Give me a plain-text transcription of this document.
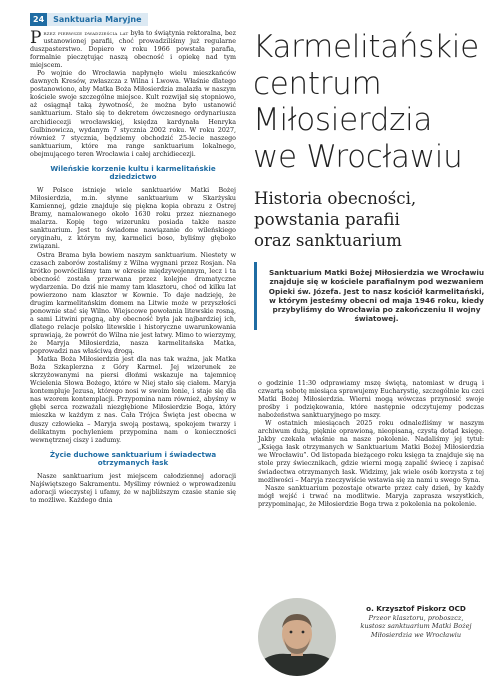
24	Sanktuaria Maryjne

Przez pierwsze dwadzieścia lat była to świątynia rektoralna, bez ustanowionej parafii, choć prowadziliśmy już regularne duszpasterstwo. Dopiero w roku 1966 powstała parafia, formalnie pieczętując naszą obecność i opiekę nad tym miejscem.

Po wojnie do Wrocławia napłynęło wielu mieszkańców dawnych Kresów, zwłaszcza z Wilna i Lwowa. Właśnie dlatego postanowiono, aby Matka Boża Miłosierdzia znalazła w naszym kościele swoje szczególne miejsce. Kult rozwijał się stopniowo, aż osiągnął taką żywotność, że można było ustanowić sanktuarium. Stało się to dekretem ówczesnego ordynariusza archidiecezji wrocławskiej, księdza kardynała Henryka Gulbinowicza, wydanym 7 stycznia 2002 roku. W roku 2027, również 7 stycznia, będziemy obchodzić 25-lecie naszego sanktuarium, które ma range sanktuarium lokalnego, obejmującego teren Wrocławia i całej archidiecezji.

Wileńskie korzenie kultu i karmelitańskie dziedzictwo

W Polsce istnieje wiele sanktuariów Matki Bożej Miłosierdzia, m.in. słynne sanktuarium w Skarżysku Kamiennej, gdzie znajduje się piękna kopia obrazu z Ostrej Bramy, namalowanego około 1630 roku przez nieznanego malarza. Kopię tego wizerunku posiada także nasze sanktuarium. Jest to świadome nawiązanie do wileńskiego oryginału, z którym my, karmelici boso, byliśmy głęboko związani.

Ostra Brama była bowiem naszym sanktuarium. Niestety w czasach zaborów zostaliśmy z Wilna wygnani przez Rosjan. Na krótko powróciliśmy tam w okresie międzywojennym, lecz i ta obecność została przerwana przez kolejne dramatyczne wydarzenia. Do dziś nie mamy tam klasztoru, choć od kilku lat powierzono nam klasztor w Kownie. To daje nadzieję, że drugim karmelitańskim domem na Litwie może w przyszłości ponownie stać się Wilno. Wiejscowe powołania litewskie rosną, a sami Litwini pragną, aby obecność była jak najbardziej ich, dlatego relacje polsko litewskie i historyczne uwarunkowania sprawiają, że powrót do Wilna nie jest łatwy. Mimo to wierzymy, że Maryja Miłosierdzia, nasza karmelitańska Matka, poprowadzi nas właściwą drogą.

Matka Boża Miłosierdzia jest dla nas tak ważna, jak Matka Boża Szkaplerzna z Góry Karmel. Jej wizerunek ze skrzyżowanymi na piersi dłońmi wskazuje na tajemnicę Wcielenia Słowa Bożego, które w Niej stało się ciałem. Maryja kontempluje Jezusa, którego nosi w swoim łonie, i staje się dla nas wzorem kontemplacji. Przypomina nam również, abyśmy w głębi serca rozważali niezgłębione Miłosierdzie Boga, który mieszka w każdym z nas. Cała Trójca Święta jest obecna w duszy człowieka – Maryja swoją postawą, spokojem twarzy i delikatnym pochyleniem przypomina nam o konieczności wewnętrznej ciszy i zadumy.

Życie duchowe sanktuarium i świadectwa otrzymanych łask

Nasze sanktuarium jest miejscem całodziennej adoracji Najświętszego Sakramentu. Myślimy również o wprowadzeniu adoracji wieczystej i ufamy, że w najbliższym czasie stanie się to możliwe. Każdego dnia

Karmelitańskie
centrum
Miłosierdzia
we Wrocławiu
Historia obecności,
powstania parafii
oraz sanktuarium
Sanktuarium Matki Bożej Miłosierdzia we Wrocławiu znajduje się w kościele parafialnym pod wezwaniem Opieki św. Józefa. Jest to nasz kościół karmelitański, w którym jesteśmy obecni od maja 1946 roku, kiedy przybyliśmy do Wrocławia po zakończeniu II wojny światowej.

o godzinie 11:30 odprawiamy mszę świętą, natomiast w drugą i czwartą sobotę miesiąca sprawujemy Eucharystię, szczególnie ku czci Matki Bożej Miłosierdzia. Wierni mogą wówczas przynosić swoje prośby i podziękowania, które następnie odczytujemy podczas nabożeństwa sanktuaryjnego po mszy.

W ostatnich miesiącach 2025 roku odnaleźliśmy w naszym archiwum dużą, pięknie oprawioną, nieopisaną, czystą dotąd księgę. Jakby czekała właśnie na nasze pokolenie. Nadaliśmy jej tytuł: „Księga łask otrzymanych w Sanktuarium Matki Bożej Miłosierdzia we Wrocławiu”. Od listopada bieżącego roku księga ta znajduje się na stole przy świecznikach, gdzie wierni mogą zapalić świecę i zapisać świadectwa otrzymanych łask. Widzimy, jak wiele osób korzysta z tej możliwości – Maryja rzeczywiście wstawia się za nami u swego Syna.

Nasze sanktuarium pozostaje otwarte przez cały dzień, by każdy mógł wejść i trwać na modlitwie. Maryja zaprasza wszystkich, przypominając, że Miłosierdzie Boga trwa z pokolenia na pokolenie.

o. Krzysztof Piskorz OCD
Przeor klasztoru, proboszcz,
kustosz sanktuarium Matki Bożej
Miłosierdzia we Wrocławiu
